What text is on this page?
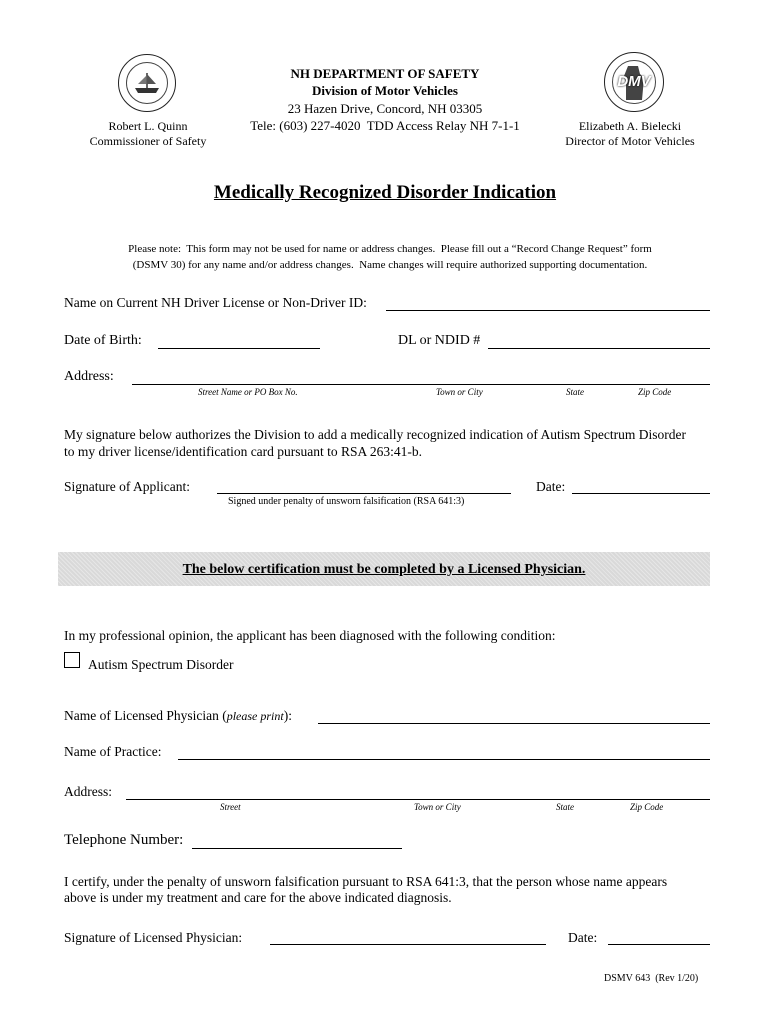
DMV
NH DEPARTMENT OF SAFETY
Division of Motor Vehicles
23 Hazen Drive, Concord, NH 03305
Tele: (603) 227-4020  TDD Access Relay NH 7-1-1
Robert L. Quinn
Commissioner of Safety
Elizabeth A. Bielecki
Director of Motor Vehicles
Medically Recognized Disorder Indication
Please note:  This form may not be used for name or address changes.  Please fill out a “Record Change Request” form
(DSMV 30) for any name and/or address changes.  Name changes will require authorized supporting documentation.
Name on Current NH Driver License or Non-Driver ID:
Date of Birth:	DL or NDID #
Address:
Street Name or PO Box No.	Town or City	State	Zip Code
My signature below authorizes the Division to add a medically recognized indication of Autism Spectrum Disorder
to my driver license/identification card pursuant to RSA 263:41-b.
Signature of Applicant:	Date:
Signed under penalty of unsworn falsification (RSA 641:3)
The below certification must be completed by a Licensed Physician.
In my professional opinion, the applicant has been diagnosed with the following condition:
Autism Spectrum Disorder
Name of Licensed Physician (please print):
Name of Practice:
Address:
Street	Town or City	State	Zip Code
Telephone Number:
I certify, under the penalty of unsworn falsification pursuant to RSA 641:3, that the person whose name appears
above is under my treatment and care for the above indicated diagnosis.
Signature of Licensed Physician:	Date:
DSMV 643  (Rev 1/20)
